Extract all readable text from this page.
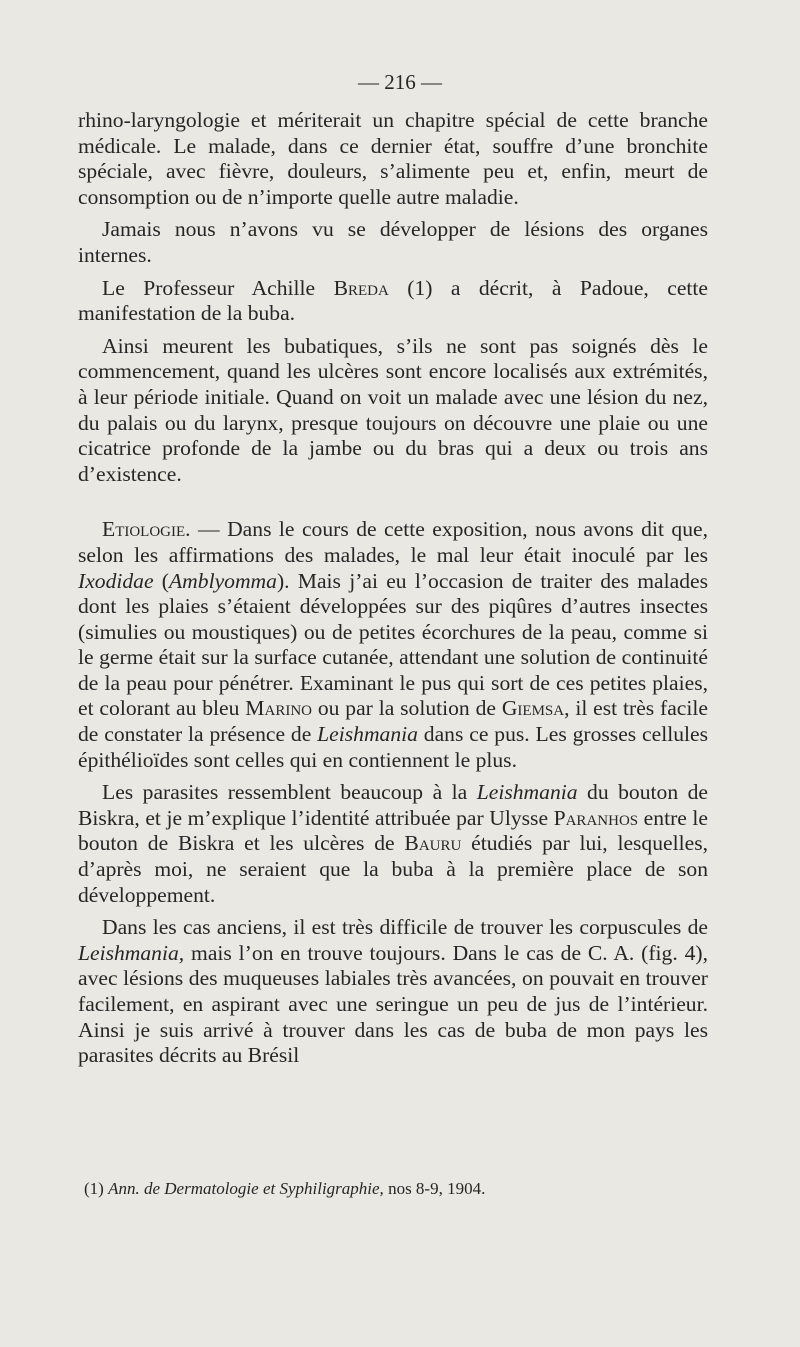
— 216 —

rhino-laryngologie et mériterait un chapitre spécial de cette branche médicale. Le malade, dans ce dernier état, souffre d’une bronchite spéciale, avec fièvre, douleurs, s’alimente peu et, enfin, meurt de consomption ou de n’importe quelle autre maladie.

Jamais nous n’avons vu se développer de lésions des organes internes.

Le Professeur Achille Breda (1) a décrit, à Padoue, cette manifestation de la buba.

Ainsi meurent les bubatiques, s’ils ne sont pas soignés dès le commencement, quand les ulcères sont encore localisés aux extrémités, à leur période initiale. Quand on voit un malade avec une lésion du nez, du palais ou du larynx, presque toujours on découvre une plaie ou une cicatrice profonde de la jambe ou du bras qui a deux ou trois ans d’existence.

Etiologie. — Dans le cours de cette exposition, nous avons dit que, selon les affirmations des malades, le mal leur était inoculé par les Ixodidae (Amblyomma). Mais j’ai eu l’occasion de traiter des malades dont les plaies s’étaient développées sur des piqûres d’autres insectes (simulies ou moustiques) ou de petites écorchures de la peau, comme si le germe était sur la surface cutanée, attendant une solution de continuité de la peau pour pénétrer. Examinant le pus qui sort de ces petites plaies, et colorant au bleu Marino ou par la solution de Giemsa, il est très facile de constater la présence de Leishmania dans ce pus. Les grosses cellules épithélioïdes sont celles qui en contiennent le plus.

Les parasites ressemblent beaucoup à la Leishmania du bouton de Biskra, et je m’explique l’identité attribuée par Ulysse Paranhos entre le bouton de Biskra et les ulcères de Bauru étudiés par lui, lesquelles, d’après moi, ne seraient que la buba à la première place de son développement.

Dans les cas anciens, il est très difficile de trouver les corpuscules de Leishmania, mais l’on en trouve toujours. Dans le cas de C. A. (fig. 4), avec lésions des muqueuses labiales très avancées, on pouvait en trouver facilement, en aspirant avec une seringue un peu de jus de l’intérieur. Ainsi je suis arrivé à trouver dans les cas de buba de mon pays les parasites décrits au Brésil

(1) Ann. de Dermatologie et Syphiligraphie, nos 8-9, 1904.
